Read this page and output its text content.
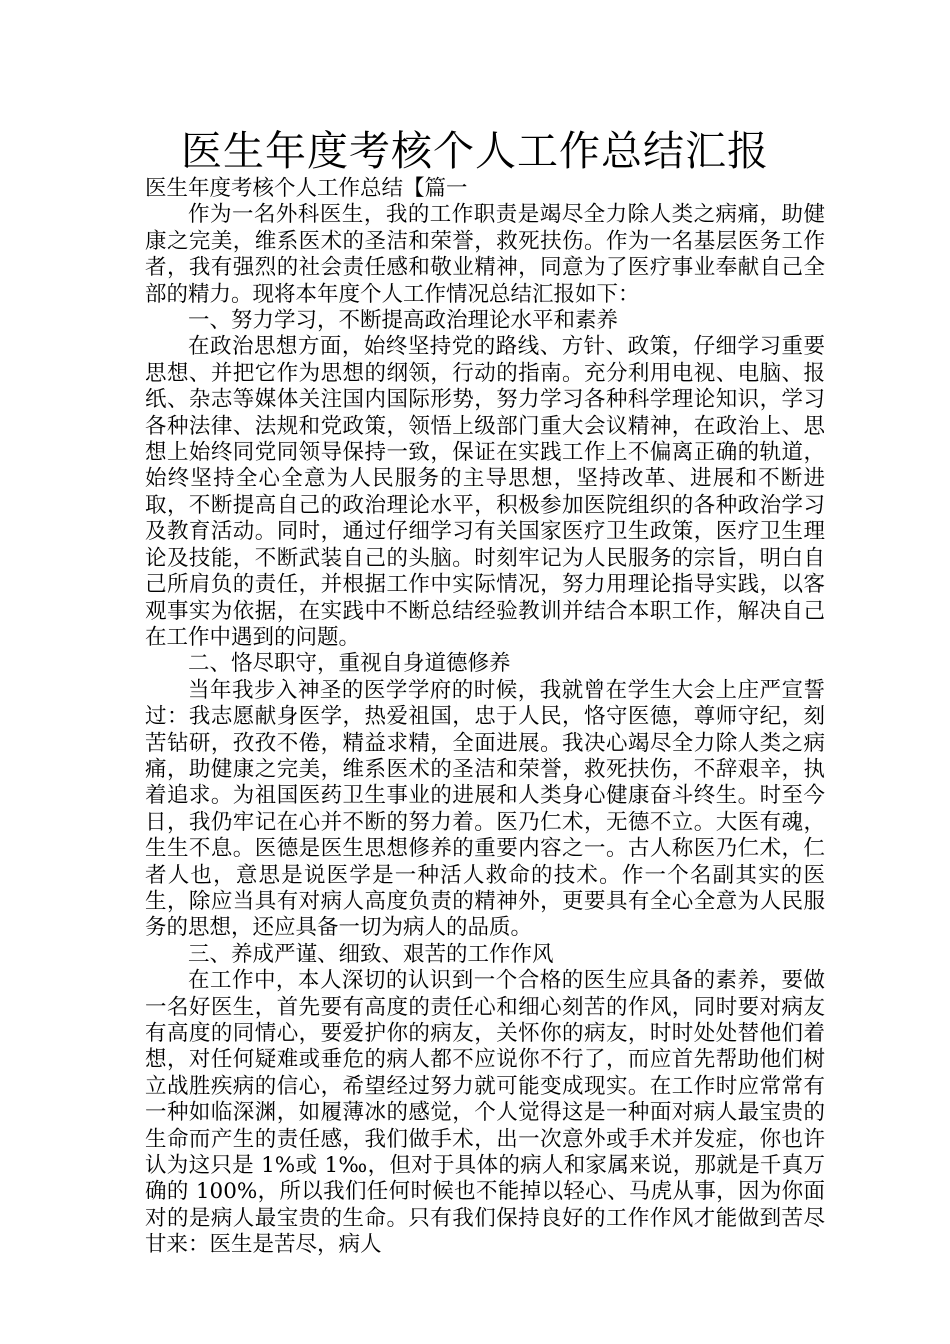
医生年度考核个人工作总结汇报

医生年度考核个人工作总结【篇一

作为一名外科医生，我的工作职责是竭尽全力除人类之病痛，助健康之完美，维系医术的圣洁和荣誉，救死扶伤。作为一名基层医务工作者，我有强烈的社会责任感和敬业精神，同意为了医疗事业奉献自己全部的精力。现将本年度个人工作情况总结汇报如下：

一、努力学习，不断提高政治理论水平和素养

在政治思想方面，始终坚持党的路线、方针、政策，仔细学习重要思想、并把它作为思想的纲领，行动的指南。充分利用电视、电脑、报纸、杂志等媒体关注国内国际形势，努力学习各种科学理论知识，学习各种法律、法规和党政策，领悟上级部门重大会议精神，在政治上、思想上始终同党同领导保持一致，保证在实践工作上不偏离正确的轨道，始终坚持全心全意为人民服务的主导思想，坚持改革、进展和不断进取，不断提高自己的政治理论水平，积极参加医院组织的各种政治学习及教育活动。同时，通过仔细学习有关国家医疗卫生政策，医疗卫生理论及技能，不断武装自己的头脑。时刻牢记为人民服务的宗旨，明白自己所肩负的责任，并根据工作中实际情况，努力用理论指导实践，以客观事实为依据，在实践中不断总结经验教训并结合本职工作，解决自己在工作中遇到的问题。

二、恪尽职守，重视自身道德修养

当年我步入神圣的医学学府的时候，我就曾在学生大会上庄严宣誓过：我志愿献身医学，热爱祖国，忠于人民，恪守医德，尊师守纪，刻苦钻研，孜孜不倦，精益求精，全面进展。我决心竭尽全力除人类之病痛，助健康之完美，维系医术的圣洁和荣誉，救死扶伤，不辞艰辛，执着追求。为祖国医药卫生事业的进展和人类身心健康奋斗终生。时至今日，我仍牢记在心并不断的努力着。医乃仁术，无德不立。大医有魂，生生不息。医德是医生思想修养的重要内容之一。古人称医乃仁术，仁者人也，意思是说医学是一种活人救命的技术。作一个名副其实的医生，除应当具有对病人高度负责的精神外，更要具有全心全意为人民服务的思想，还应具备一切为病人的品质。

三、养成严谨、细致、艰苦的工作作风

在工作中，本人深切的认识到一个合格的医生应具备的素养，要做一名好医生，首先要有高度的责任心和细心刻苦的作风，同时要对病友有高度的同情心，要爱护你的病友，关怀你的病友，时时处处替他们着想，对任何疑难或垂危的病人都不应说你不行了，而应首先帮助他们树立战胜疾病的信心，希望经过努力就可能变成现实。在工作时应常常有一种如临深渊，如履薄冰的感觉，个人觉得这是一种面对病人最宝贵的生命而产生的责任感，我们做手术，出一次意外或手术并发症，你也许认为这只是 1%或 1‰，但对于具体的病人和家属来说，那就是千真万确的 100%，所以我们任何时候也不能掉以轻心、马虎从事，因为你面对的是病人最宝贵的生命。只有我们保持良好的工作作风才能做到苦尽甘来：医生是苦尽，病人
